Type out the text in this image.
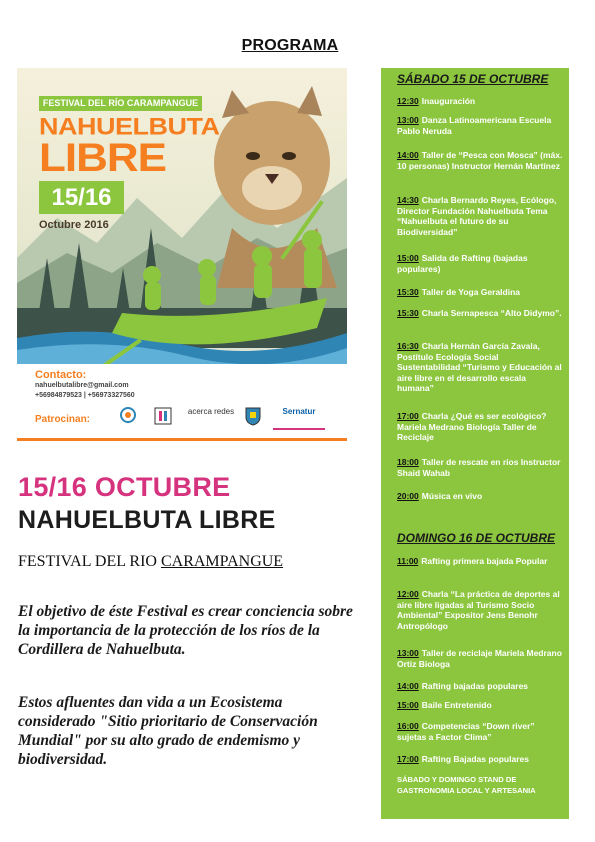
PROGRAMA
FESTIVAL DEL RÍO CARAMPANGUE
NAHUELBUTA
LIBRE
15/16
Octubre 2016
Contacto:
nahuelbutalibre@gmail.com
+56984879523 | +56973327560
Patrocinan:
acerca redes	Sernatur
15/16 OCTUBRE
NAHUELBUTA LIBRE
FESTIVAL DEL RIO CARAMPANGUE
El objetivo de éste Festival es crear conciencia sobre la importancia de la protección de los ríos de la Cordillera de Nahuelbuta.
Estos afluentes dan vida a un Ecosistema considerado "Sitio prioritario de Conservación Mundial" por su alto grado de endemismo y biodiversidad.
SÁBADO 15 DE OCTUBRE
12:30 Inauguración
13:00 Danza Latinoamericana Escuela Pablo Neruda
14:00 Taller de “Pesca con Mosca” (máx. 10 personas) Instructor Hernán Martínez
14:30 Charla Bernardo Reyes, Ecólogo, Director Fundación Nahuelbuta Tema “Nahuelbuta el futuro de su Biodiversidad”
15:00 Salida de Rafting (bajadas populares)
15:30 Taller de Yoga Geraldina
15:30 Charla Sernapesca “Alto Didymo”.
16:30 Charla Hernán García Zavala, Postítulo Ecología Social Sustentabilidad “Turismo y Educación al aire libre en el desarrollo escala humana”
17:00 Charla ¿Qué es ser ecológico? Mariela Medrano Biología Taller de Reciclaje
18:00 Taller de rescate en ríos Instructor Shaid Wahab
20:00 Música en vivo
DOMINGO 16 DE OCTUBRE
11:00 Rafting primera bajada Popular
12:00 Charla “La práctica de deportes al aire libre ligadas al Turismo Socio Ambiental” Expositor Jens Benohr Antropólogo
13:00 Taller de reciclaje Mariela Medrano Ortiz Biologa
14:00 Rafting bajadas populares
15:00 Baile Entretenido
16:00 Competencias “Down river” sujetas a Factor Clima”
17:00 Rafting Bajadas populares
SÁBADO Y DOMINGO STAND DE GASTRONOMIA LOCAL Y ARTESANIA
